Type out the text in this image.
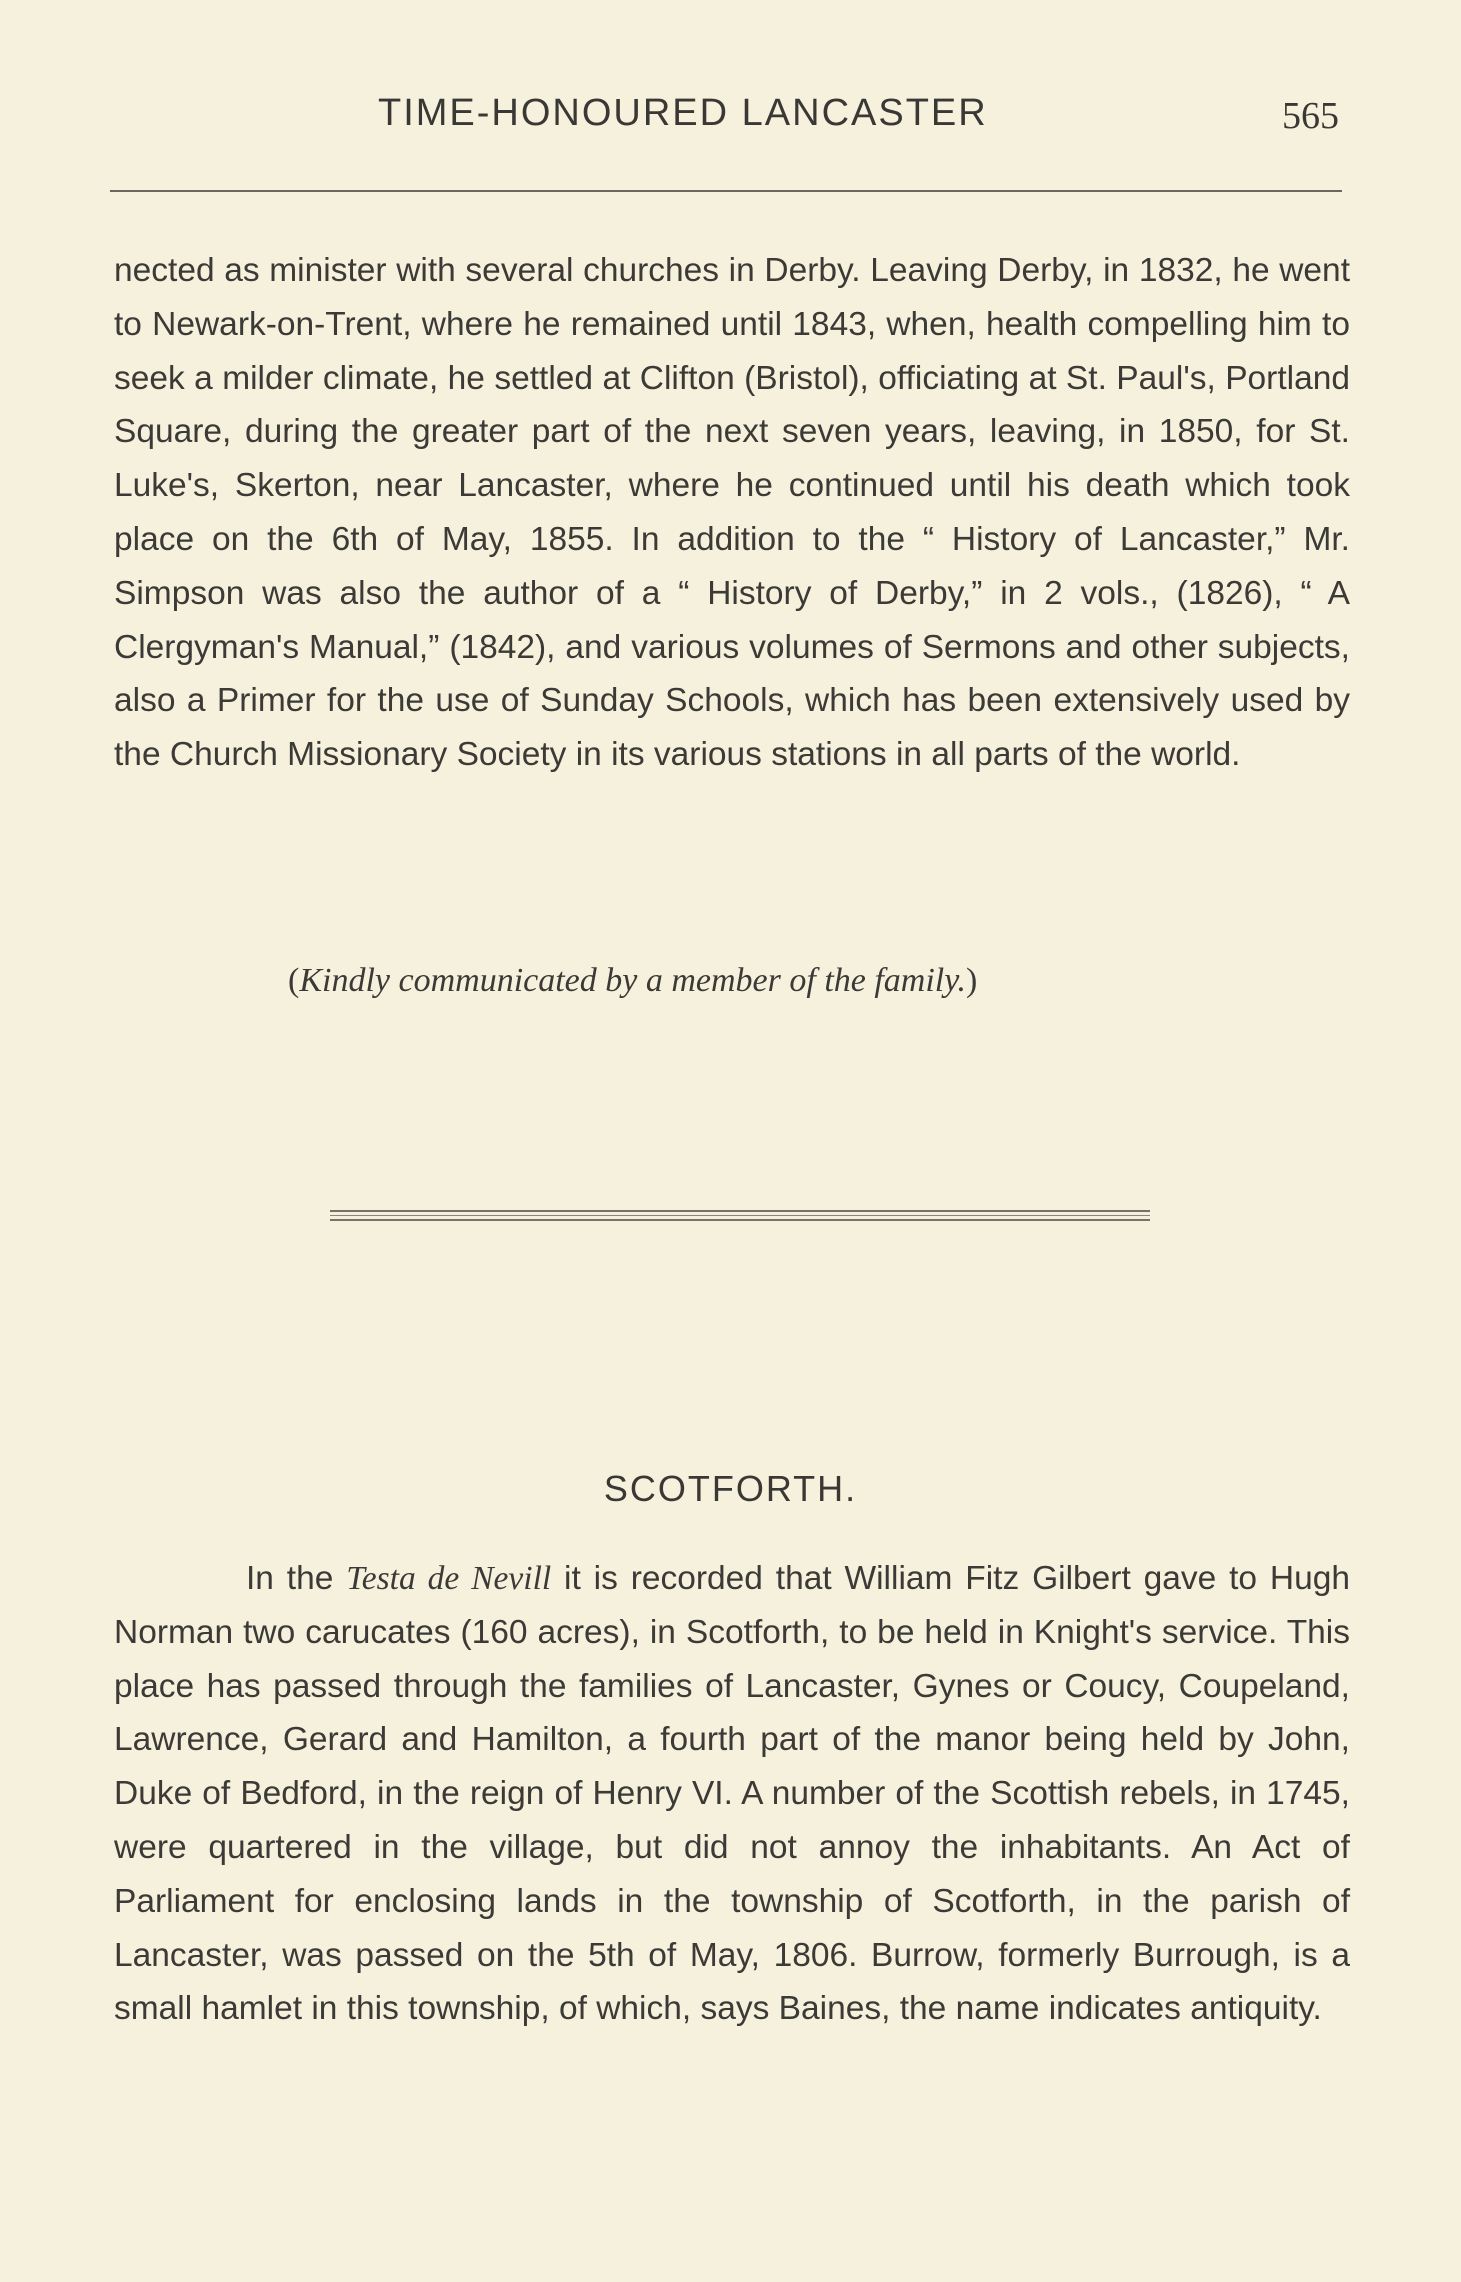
TIME-HONOURED LANCASTER	565

nected as minister with several churches in Derby. Leaving Derby, in 1832, he went to Newark-on-Trent, where he remained until 1843, when, health compelling him to seek a milder climate, he settled at Clifton (Bristol), officiating at St. Paul's, Portland Square, during the greater part of the next seven years, leaving, in 1850, for St. Luke's, Skerton, near Lancaster, where he continued until his death which took place on the 6th of May, 1855. In addition to the “ History of Lancaster,” Mr. Simpson was also the author of a “ History of Derby,” in 2 vols., (1826), “ A Clergyman's Manual,” (1842), and various volumes of Sermons and other subjects, also a Primer for the use of Sunday Schools, which has been extensively used by the Church Missionary Society in its various stations in all parts of the world.

(Kindly communicated by a member of the family.)
SCOTFORTH.

In the Testa de Nevill it is recorded that William Fitz Gilbert gave to Hugh Norman two carucates (160 acres), in Scotforth, to be held in Knight's service. This place has passed through the families of Lancaster, Gynes or Coucy, Coupeland, Lawrence, Gerard and Hamilton, a fourth part of the manor being held by John, Duke of Bedford, in the reign of Henry VI. A number of the Scottish rebels, in 1745, were quartered in the village, but did not annoy the inhabitants. An Act of Parliament for enclosing lands in the township of Scotforth, in the parish of Lancaster, was passed on the 5th of May, 1806. Burrow, formerly Burrough, is a small hamlet in this township, of which, says Baines, the name indicates antiquity.
